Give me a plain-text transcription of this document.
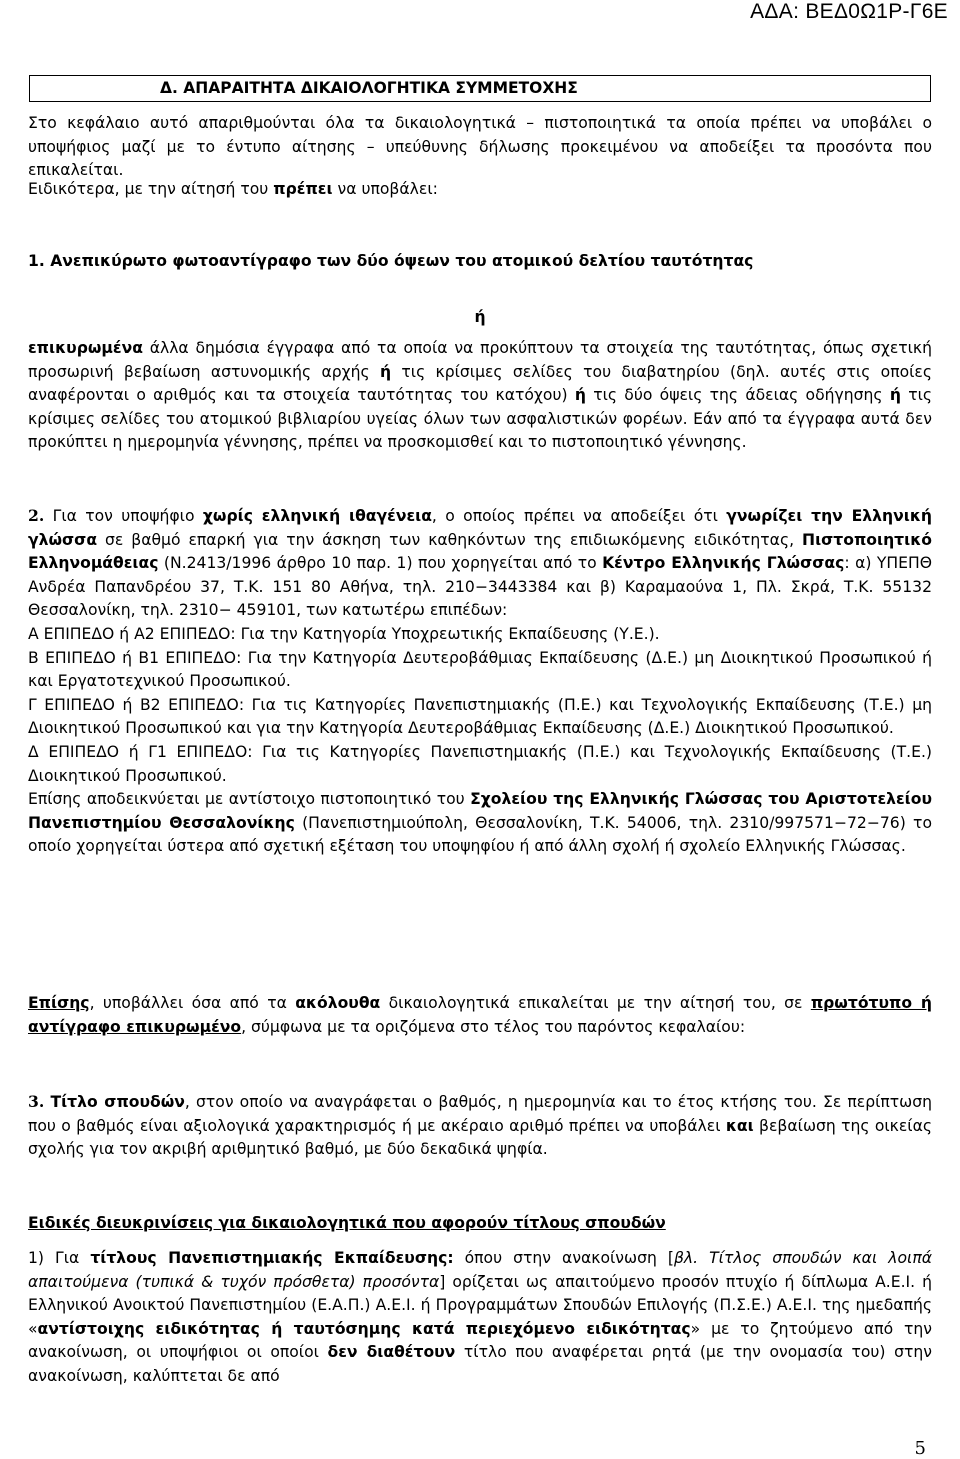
ΑΔΑ: ΒΕΔ0Ω1Ρ-Γ6Ε
Δ. ΑΠΑΡΑΙΤΗΤΑ ΔΙΚΑΙΟΛΟΓΗΤΙΚΑ ΣΥΜΜΕΤΟΧΗΣ
Στο κεφάλαιο αυτό απαριθμούνται όλα τα δικαιολογητικά – πιστοποιητικά τα οποία πρέπει να υποβάλει ο υποψήφιος μαζί με το έντυπο αίτησης – υπεύθυνης δήλωσης προκειμένου να αποδείξει τα προσόντα που επικαλείται.
Ειδικότερα, με την αίτησή του πρέπει να υποβάλει:
1. Ανεπικύρωτο φωτοαντίγραφο των δύο όψεων του ατομικού δελτίου ταυτότητας
ή
επικυρωμένα άλλα δημόσια έγγραφα από τα οποία να προκύπτουν τα στοιχεία της ταυτότητας, όπως σχετική προσωρινή βεβαίωση αστυνομικής αρχής ή τις κρίσιμες σελίδες του διαβατηρίου (δηλ. αυτές στις οποίες αναφέρονται ο αριθμός και τα στοιχεία ταυτότητας του κατόχου) ή τις δύο όψεις της άδειας οδήγησης ή τις κρίσιμες σελίδες του ατομικού βιβλιαρίου υγείας όλων των ασφαλιστικών φορέων. Εάν από τα έγγραφα αυτά δεν προκύπτει η ημερομηνία γέννησης, πρέπει να προσκομισθεί και το πιστοποιητικό γέννησης.
2. Για τον υποψήφιο χωρίς ελληνική ιθαγένεια, ο οποίος πρέπει να αποδείξει ότι γνωρίζει την Ελληνική γλώσσα σε βαθμό επαρκή για την άσκηση των καθηκόντων της επιδιωκόμενης ειδικότητας, Πιστοποιητικό Ελληνομάθειας (Ν.2413/1996 άρθρο 10 παρ. 1) που χορηγείται από το Κέντρο Ελληνικής Γλώσσας: α) ΥΠΕΠΘ Ανδρέα Παπανδρέου 37, Τ.Κ. 151 80 Αθήνα, τηλ. 210−3443384 και β) Καραμαούνα 1, Πλ. Σκρά, Τ.Κ. 55132 Θεσσαλονίκη, τηλ. 2310− 459101, των κατωτέρω επιπέδων:
Α ΕΠΙΠΕΔΟ ή Α2 ΕΠΙΠΕΔΟ: Για την Κατηγορία Υποχρεωτικής Εκπαίδευσης (Υ.Ε.).
Β ΕΠΙΠΕΔΟ ή Β1 ΕΠΙΠΕΔΟ: Για την Κατηγορία Δευτεροβάθμιας Εκπαίδευσης (Δ.Ε.) μη Διοικητικού Προσωπικού ή και Εργατοτεχνικού Προσωπικού.
Γ ΕΠΙΠΕΔΟ ή Β2 ΕΠΙΠΕΔΟ: Για τις Κατηγορίες Πανεπιστημιακής (Π.Ε.) και Τεχνολογικής Εκπαίδευσης (Τ.Ε.) μη Διοικητικού Προσωπικού και για την Κατηγορία Δευτεροβάθμιας Εκπαίδευσης (Δ.Ε.) Διοικητικού Προσωπικού.
Δ ΕΠΙΠΕΔΟ ή Γ1 ΕΠΙΠΕΔΟ: Για τις Κατηγορίες Πανεπιστημιακής (Π.Ε.) και Τεχνολογικής Εκπαίδευσης (Τ.Ε.) Διοικητικού Προσωπικού.
Επίσης αποδεικνύεται με αντίστοιχο πιστοποιητικό του Σχολείου της Ελληνικής Γλώσσας του Αριστοτελείου Πανεπιστημίου Θεσσαλονίκης (Πανεπιστημιούπολη, Θεσσαλονίκη, Τ.Κ. 54006, τηλ. 2310/997571−72−76) το οποίο χορηγείται ύστερα από σχετική εξέταση του υποψηφίου ή από άλλη σχολή ή σχολείο Ελληνικής Γλώσσας.
Επίσης, υποβάλλει όσα από τα ακόλουθα δικαιολογητικά επικαλείται με την αίτησή του, σε πρωτότυπο ή αντίγραφο επικυρωμένο, σύμφωνα με τα οριζόμενα στο τέλος του παρόντος κεφαλαίου:
3. Τίτλο σπουδών, στον οποίο να αναγράφεται ο βαθμός, η ημερομηνία και το έτος κτήσης του. Σε περίπτωση που ο βαθμός είναι αξιολογικά χαρακτηρισμός ή με ακέραιο αριθμό πρέπει να υποβάλει και βεβαίωση της οικείας σχολής για τον ακριβή αριθμητικό βαθμό, με δύο δεκαδικά ψηφία.
Ειδικές διευκρινίσεις για δικαιολογητικά που αφορούν τίτλους σπουδών
1) Για τίτλους Πανεπιστημιακής Εκπαίδευσης: όπου στην ανακοίνωση [βλ. Τίτλος σπουδών και λοιπά απαιτούμενα (τυπικά & τυχόν πρόσθετα) προσόντα] ορίζεται ως απαιτούμενο προσόν πτυχίο ή δίπλωμα Α.Ε.Ι. ή Ελληνικού Ανοικτού Πανεπιστημίου (Ε.Α.Π.) Α.Ε.Ι. ή Προγραμμάτων Σπουδών Επιλογής (Π.Σ.Ε.) Α.Ε.Ι. της ημεδαπής «αντίστοιχης ειδικότητας ή ταυτόσημης κατά περιεχόμενο ειδικότητας» με το ζητούμενο από την ανακοίνωση, οι υποψήφιοι οι οποίοι δεν διαθέτουν τίτλο που αναφέρεται ρητά (με την ονομασία του) στην ανακοίνωση, καλύπτεται δε από
5
